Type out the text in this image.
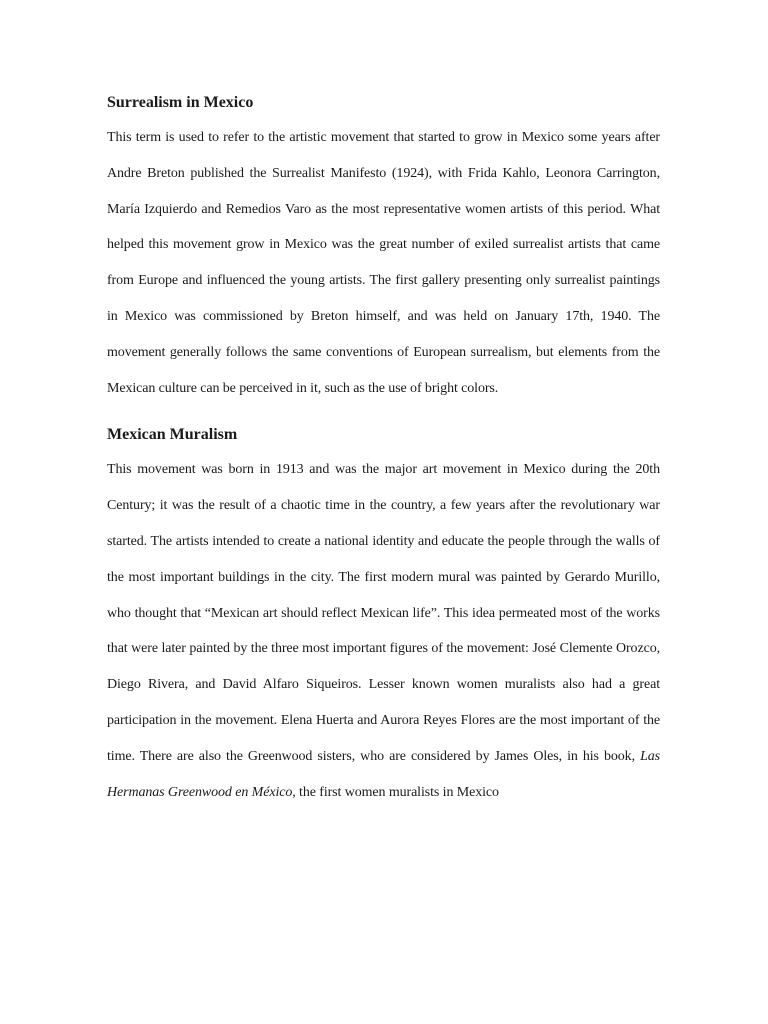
Surrealism in Mexico

This term is used to refer to the artistic movement that started to grow in Mexico some years after Andre Breton published the Surrealist Manifesto (1924), with Frida Kahlo, Leonora Carrington, María Izquierdo and Remedios Varo as the most representative women artists of this period. What helped this movement grow in Mexico was the great number of exiled surrealist artists that came from Europe and influenced the young artists. The first gallery presenting only surrealist paintings in Mexico was commissioned by Breton himself, and was held on January 17th, 1940. The movement generally follows the same conventions of European surrealism, but elements from the Mexican culture can be perceived in it, such as the use of bright colors.

Mexican Muralism

This movement was born in 1913 and was the major art movement in Mexico during the 20th Century; it was the result of a chaotic time in the country, a few years after the revolutionary war started. The artists intended to create a national identity and educate the people through the walls of the most important buildings in the city. The first modern mural was painted by Gerardo Murillo, who thought that “Mexican art should reflect Mexican life”. This idea permeated most of the works that were later painted by the three most important figures of the movement: José Clemente Orozco, Diego Rivera, and David Alfaro Siqueiros. Lesser known women muralists also had a great participation in the movement. Elena Huerta and Aurora Reyes Flores are the most important of the time. There are also the Greenwood sisters, who are considered by James Oles, in his book, Las Hermanas Greenwood en México, the first women muralists in Mexico
